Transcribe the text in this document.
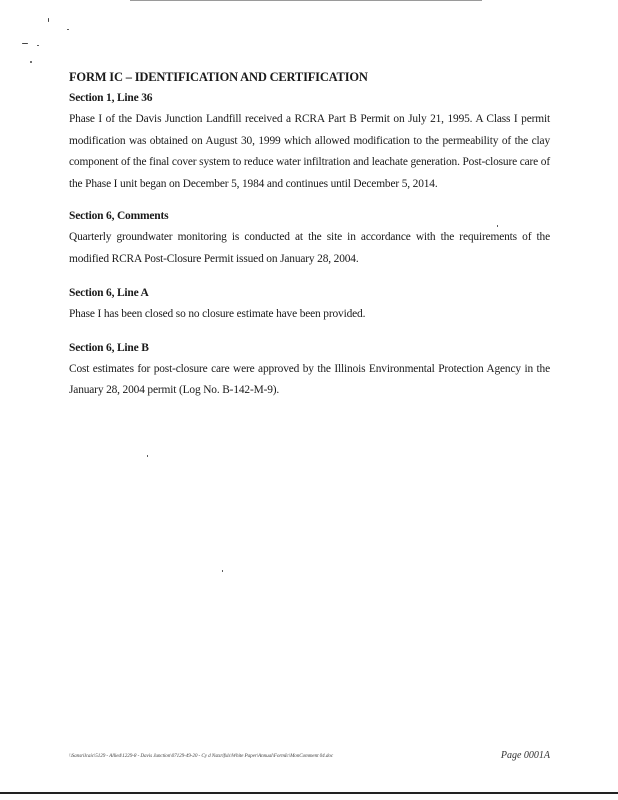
FORM IC – IDENTIFICATION AND CERTIFICATION
Section 1, Line 36

Phase I of the Davis Junction Landfill received a RCRA Part B Permit on July 21, 1995. A Class I permit modification was obtained on August 30, 1999 which allowed modification to the permeability of the clay component of the final cover system to reduce water infiltration and leachate generation. Post-closure care of the Phase I unit began on December 5, 1984 and continues until December 5, 2014.

Section 6, Comments

Quarterly groundwater monitoring is conducted at the site in accordance with the requirements of the modified RCRA Post-Closure Permit issued on January 28, 2004.

Section 6, Line A

Phase I has been closed so no closure estimate have been provided.

Section 6, Line B

Cost estimates for post-closure care were approved by the Illinois Environmental Protection Agency in the January 28, 2004 permit (Log No. B-142-M-9).

\\Sansrilcaic\5129 - Allied\1229-8 - Davis Junction\07129-49-20 - Cy d Nstsrifxls\White Paper\Annual\FormIc\MonComment 04.doc	Page 0001A
